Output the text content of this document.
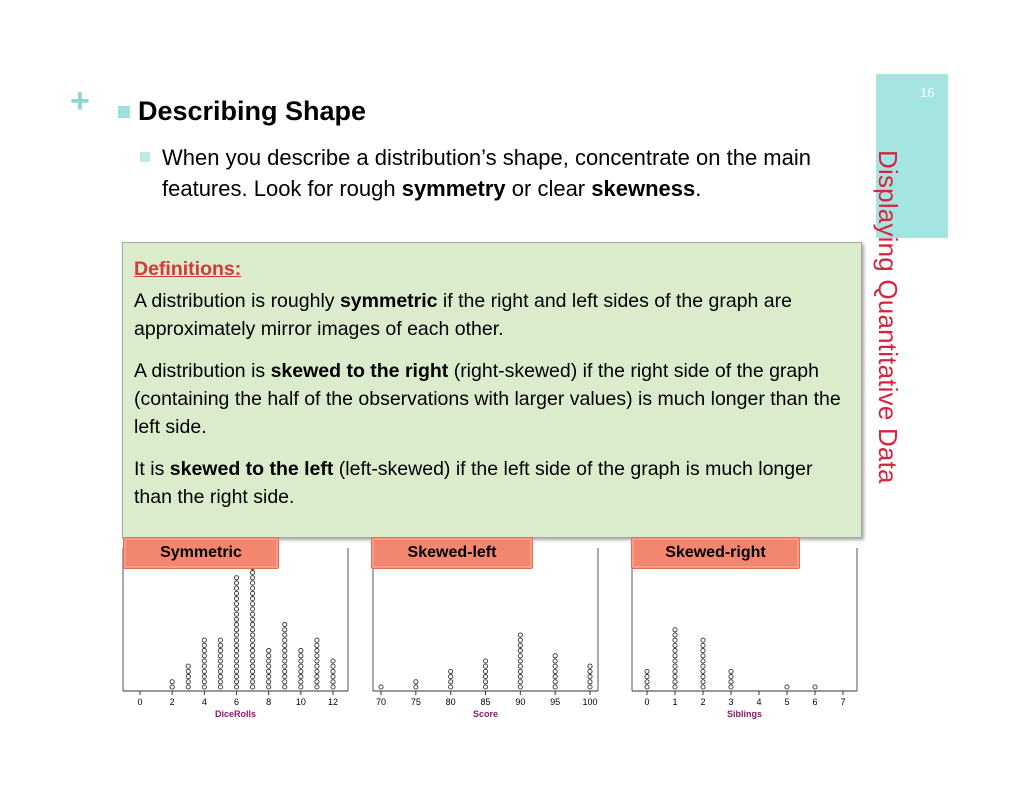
+ Describing Shape
When you describe a distribution’s shape, concentrate on the main features. Look for rough symmetry or clear skewness.
16
Displaying Quantitative Data
Definitions:

A distribution is roughly symmetric if the right and left sides of the graph are approximately mirror images of each other.

A distribution is skewed to the right (right-skewed) if the right side of the graph (containing the half of the observations with larger values) is much longer than the left side.

It is skewed to the left (left-skewed) if the left side of the graph is much longer than the right side.

0	2	4	6	8	10 12
DiceRolls
70	75	80	85	90	95 100
Score
0	1	2	3	4	5	6	7
Siblings
Symmetric	Skewed-left	Skewed-right
